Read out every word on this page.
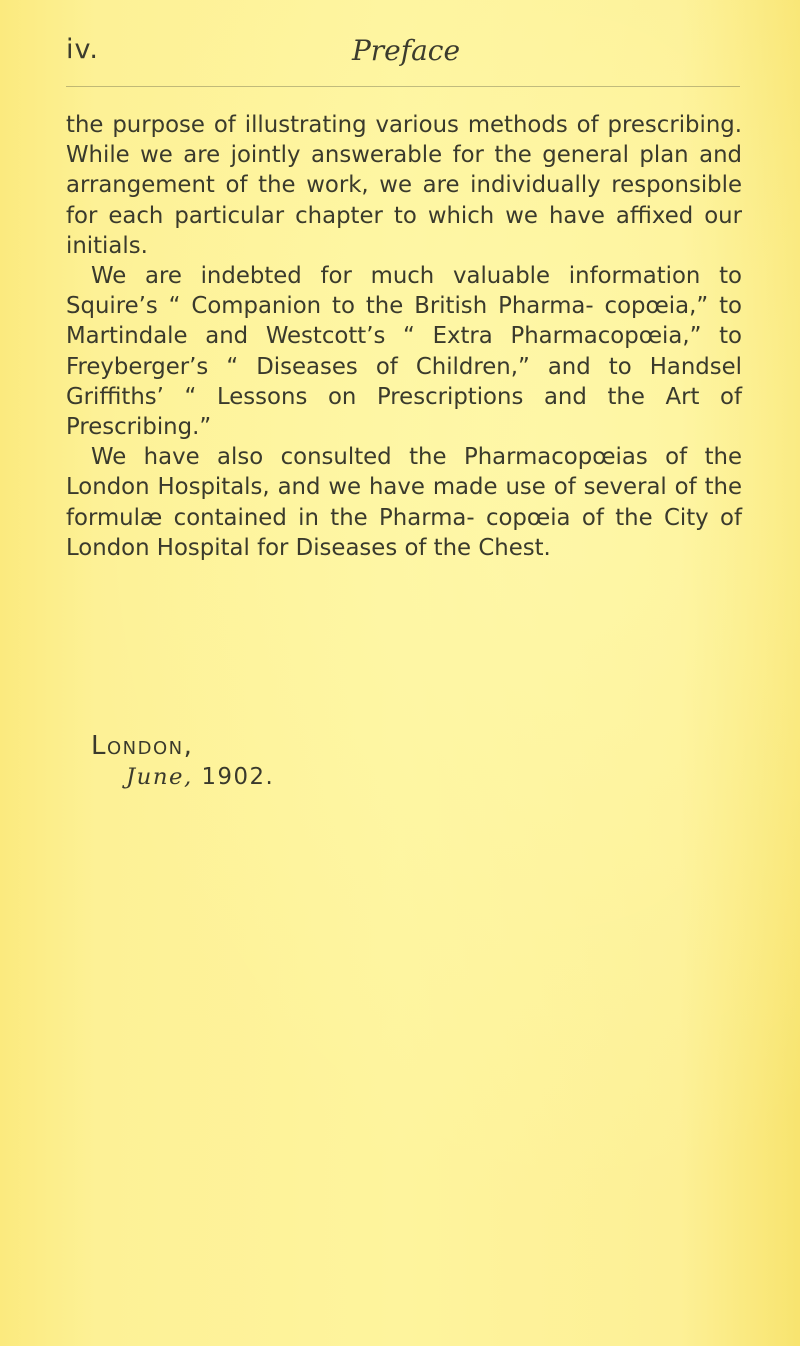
iv.	Preface

the purpose of illustrating various methods of prescribing. While we are jointly answerable for the general plan and arrangement of the work, we are individually responsible for each particular chapter to which we have affixed our initials.

We are indebted for much valuable information to Squire’s “ Companion to the British Pharma- copœia,” to Martindale and Westcott’s “ Extra Pharmacopœia,” to Freyberger’s “ Diseases of Children,” and to Handsel Griffiths’ “ Lessons on Prescriptions and the Art of Prescribing.”

We have also consulted the Pharmacopœias of the London Hospitals, and we have made use of several of the formulæ contained in the Pharma- copœia of the City of London Hospital for Diseases of the Chest.

London,
June, 1902.
